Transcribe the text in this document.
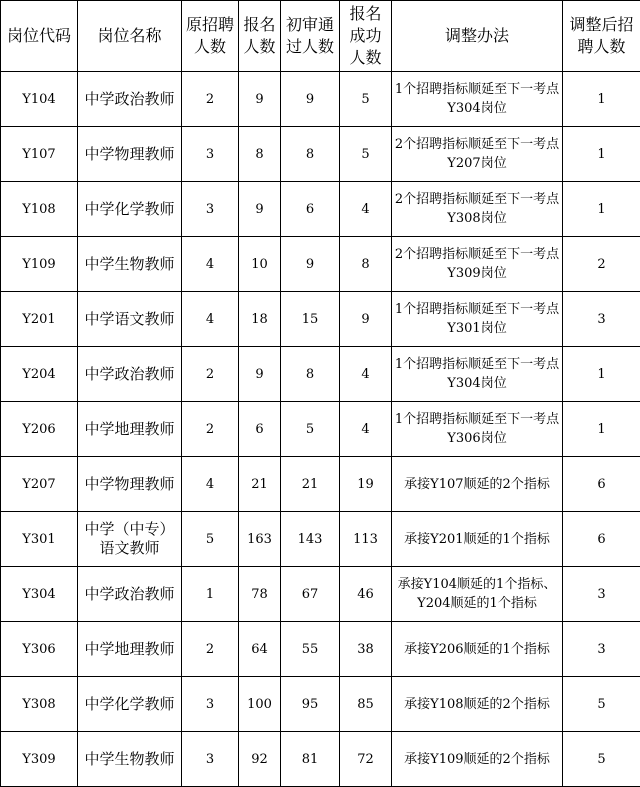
岗位代码	岗位名称	原招聘人数	报名人数	初审通过人数	报名成功人数	调整办法	调整后招聘人数
Y104	中学政治教师	2	9	9	5	1个招聘指标顺延至下一考点Y304岗位	1
Y107	中学物理教师	3	8	8	5	2个招聘指标顺延至下一考点Y207岗位	1
Y108	中学化学教师	3	9	6	4	2个招聘指标顺延至下一考点Y308岗位	1
Y109	中学生物教师	4	10	9	8	2个招聘指标顺延至下一考点Y309岗位	2
Y201	中学语文教师	4	18	15	9	1个招聘指标顺延至下一考点Y301岗位	3
Y204	中学政治教师	2	9	8	4	1个招聘指标顺延至下一考点Y304岗位	1
Y206	中学地理教师	2	6	5	4	1个招聘指标顺延至下一考点Y306岗位	1
Y207	中学物理教师	4	21	21	19	承接Y107顺延的2个指标	6
Y301	中学（中专）语文教师	5	163	143	113	承接Y201顺延的1个指标	6
Y304	中学政治教师	1	78	67	46	承接Y104顺延的1个指标、Y204顺延的1个指标	3
Y306	中学地理教师	2	64	55	38	承接Y206顺延的1个指标	3
Y308	中学化学教师	3	100	95	85	承接Y108顺延的2个指标	5
Y309	中学生物教师	3	92	81	72	承接Y109顺延的2个指标	5
